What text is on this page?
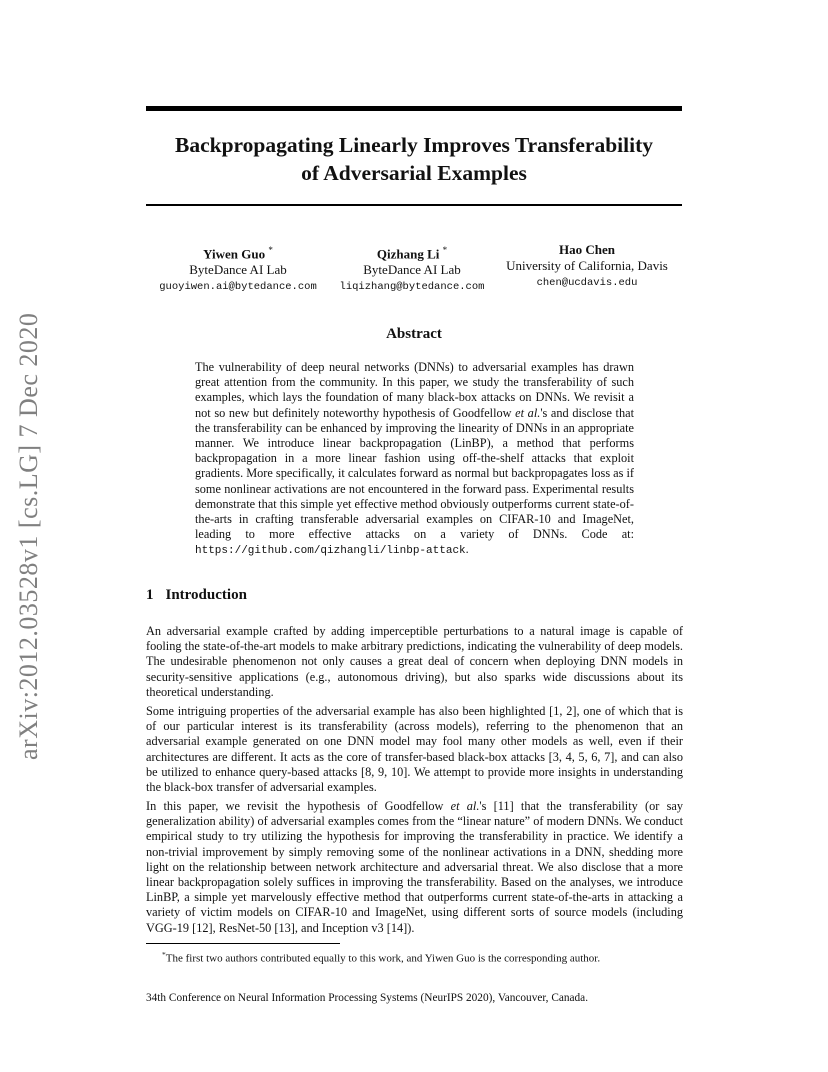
arXiv:2012.03528v1 [cs.LG] 7 Dec 2020
Backpropagating Linearly Improves Transferability
of Adversarial Examples
Yiwen Guo *
ByteDance AI Lab
guoyiwen.ai@bytedance.com
Qizhang Li *
ByteDance AI Lab
liqizhang@bytedance.com
Hao Chen
University of California, Davis
chen@ucdavis.edu
Abstract

The vulnerability of deep neural networks (DNNs) to adversarial examples has drawn great attention from the community. In this paper, we study the transferability of such examples, which lays the foundation of many black-box attacks on DNNs. We revisit a not so new but definitely noteworthy hypothesis of Goodfellow et al.'s and disclose that the transferability can be enhanced by improving the linearity of DNNs in an appropriate manner. We introduce linear backpropagation (LinBP), a method that performs backpropagation in a more linear fashion using off-the-shelf attacks that exploit gradients. More specifically, it calculates forward as normal but backpropagates loss as if some nonlinear activations are not encountered in the forward pass. Experimental results demonstrate that this simple yet effective method obviously outperforms current state-of-the-arts in crafting transferable adversarial examples on CIFAR-10 and ImageNet, leading to more effective attacks on a variety of DNNs. Code at: https://github.com/qizhangli/linbp-attack.

1 Introduction

An adversarial example crafted by adding imperceptible perturbations to a natural image is capable of fooling the state-of-the-art models to make arbitrary predictions, indicating the vulnerability of deep models. The undesirable phenomenon not only causes a great deal of concern when deploying DNN models in security-sensitive applications (e.g., autonomous driving), but also sparks wide discussions about its theoretical understanding.

Some intriguing properties of the adversarial example has also been highlighted [1, 2], one of which that is of our particular interest is its transferability (across models), referring to the phenomenon that an adversarial example generated on one DNN model may fool many other models as well, even if their architectures are different. It acts as the core of transfer-based black-box attacks [3, 4, 5, 6, 7], and can also be utilized to enhance query-based attacks [8, 9, 10]. We attempt to provide more insights in understanding the black-box transfer of adversarial examples.

In this paper, we revisit the hypothesis of Goodfellow et al.'s [11] that the transferability (or say generalization ability) of adversarial examples comes from the “linear nature” of modern DNNs. We conduct empirical study to try utilizing the hypothesis for improving the transferability in practice. We identify a non-trivial improvement by simply removing some of the nonlinear activations in a DNN, shedding more light on the relationship between network architecture and adversarial threat. We also disclose that a more linear backpropagation solely suffices in improving the transferability. Based on the analyses, we introduce LinBP, a simple yet marvelously effective method that outperforms current state-of-the-arts in attacking a variety of victim models on CIFAR-10 and ImageNet, using different sorts of source models (including VGG-19 [12], ResNet-50 [13], and Inception v3 [14]).

*The first two authors contributed equally to this work, and Yiwen Guo is the corresponding author.

34th Conference on Neural Information Processing Systems (NeurIPS 2020), Vancouver, Canada.
